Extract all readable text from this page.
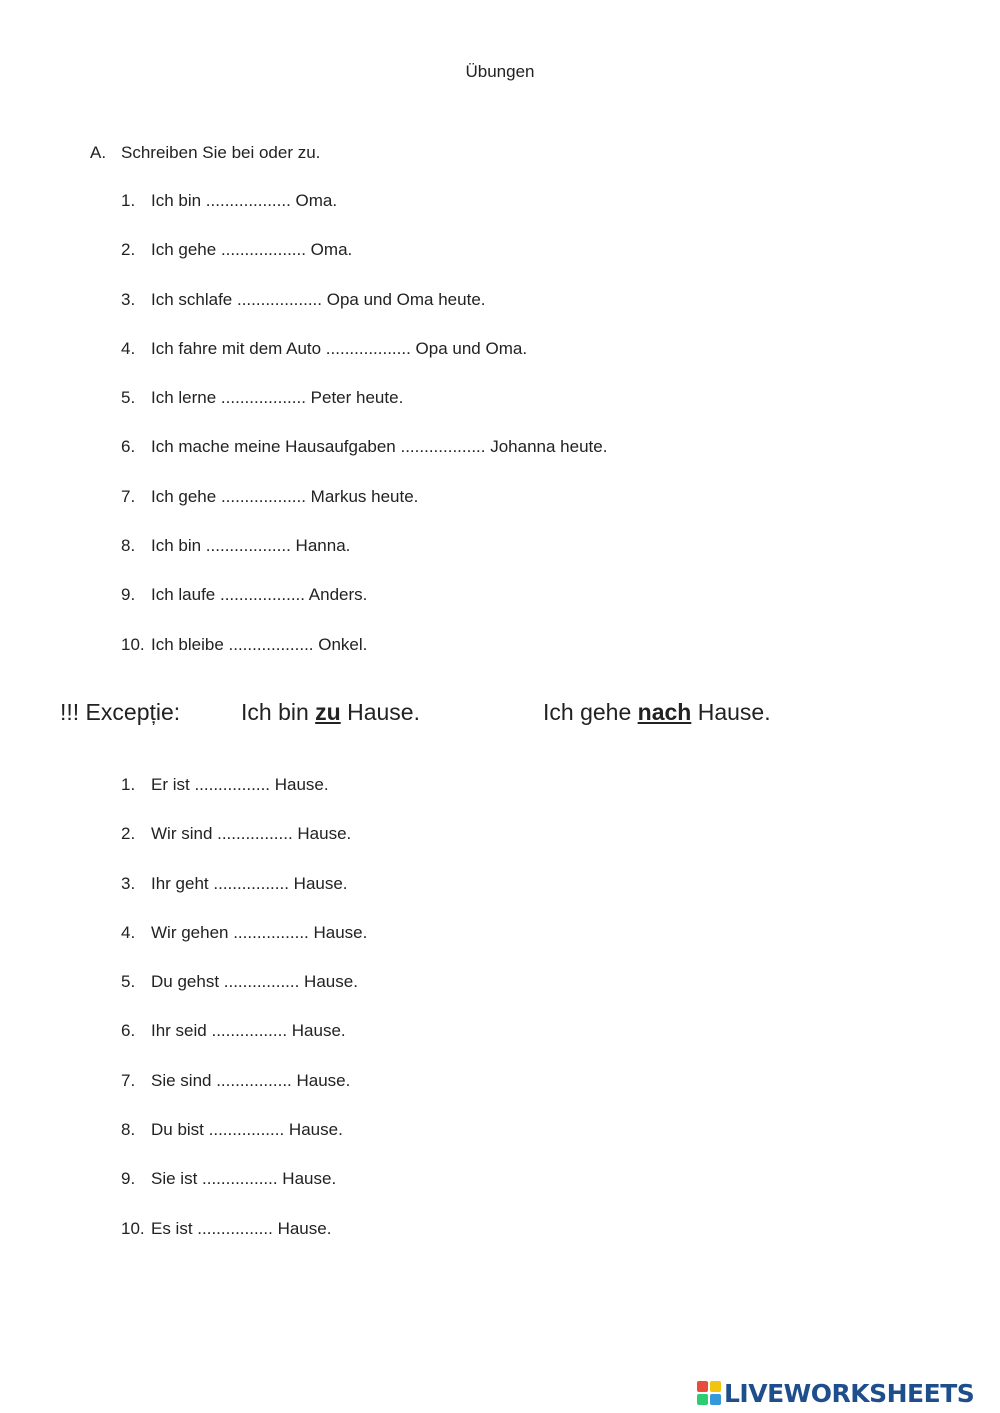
Übungen
A. Schreiben Sie bei oder zu.
1. Ich bin .................. Oma.
2. Ich gehe .................. Oma.
3. Ich schlafe .................. Opa und Oma heute.
4. Ich fahre mit dem Auto .................. Opa und Oma.
5. Ich lerne .................. Peter heute.
6. Ich mache meine Hausaufgaben .................. Johanna heute.
7. Ich gehe .................. Markus heute.
8. Ich bin .................. Hanna.
9. Ich laufe .................. Anders.
10. Ich bleibe .................. Onkel.
!!! Excepție:	Ich bin zu Hause.	Ich gehe nach Hause.
1. Er ist ................ Hause.
2. Wir sind ................ Hause.
3. Ihr geht ................ Hause.
4. Wir gehen ................ Hause.
5. Du gehst ................ Hause.
6. Ihr seid ................ Hause.
7. Sie sind ................ Hause.
8. Du bist ................ Hause.
9. Sie ist ................ Hause.
10. Es ist ................ Hause.
LIVEWORKSHEETS
